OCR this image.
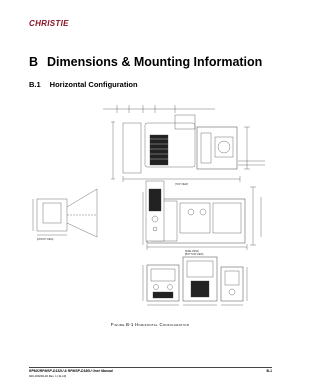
CHRISTIE
B Dimensions & Mounting Information
B.1 Horizontal Configuration
[TOP VIEW]
[SIDE VIEW]
[FRONT VIEW]
[BOTTOM VIEW]
Figure B-1 Horizontal Configuration
RPMX/RPMSP-D132U & RPMSP-D180U User Manual
020-100249-02 Rev. 1 (11-10)
B-1
